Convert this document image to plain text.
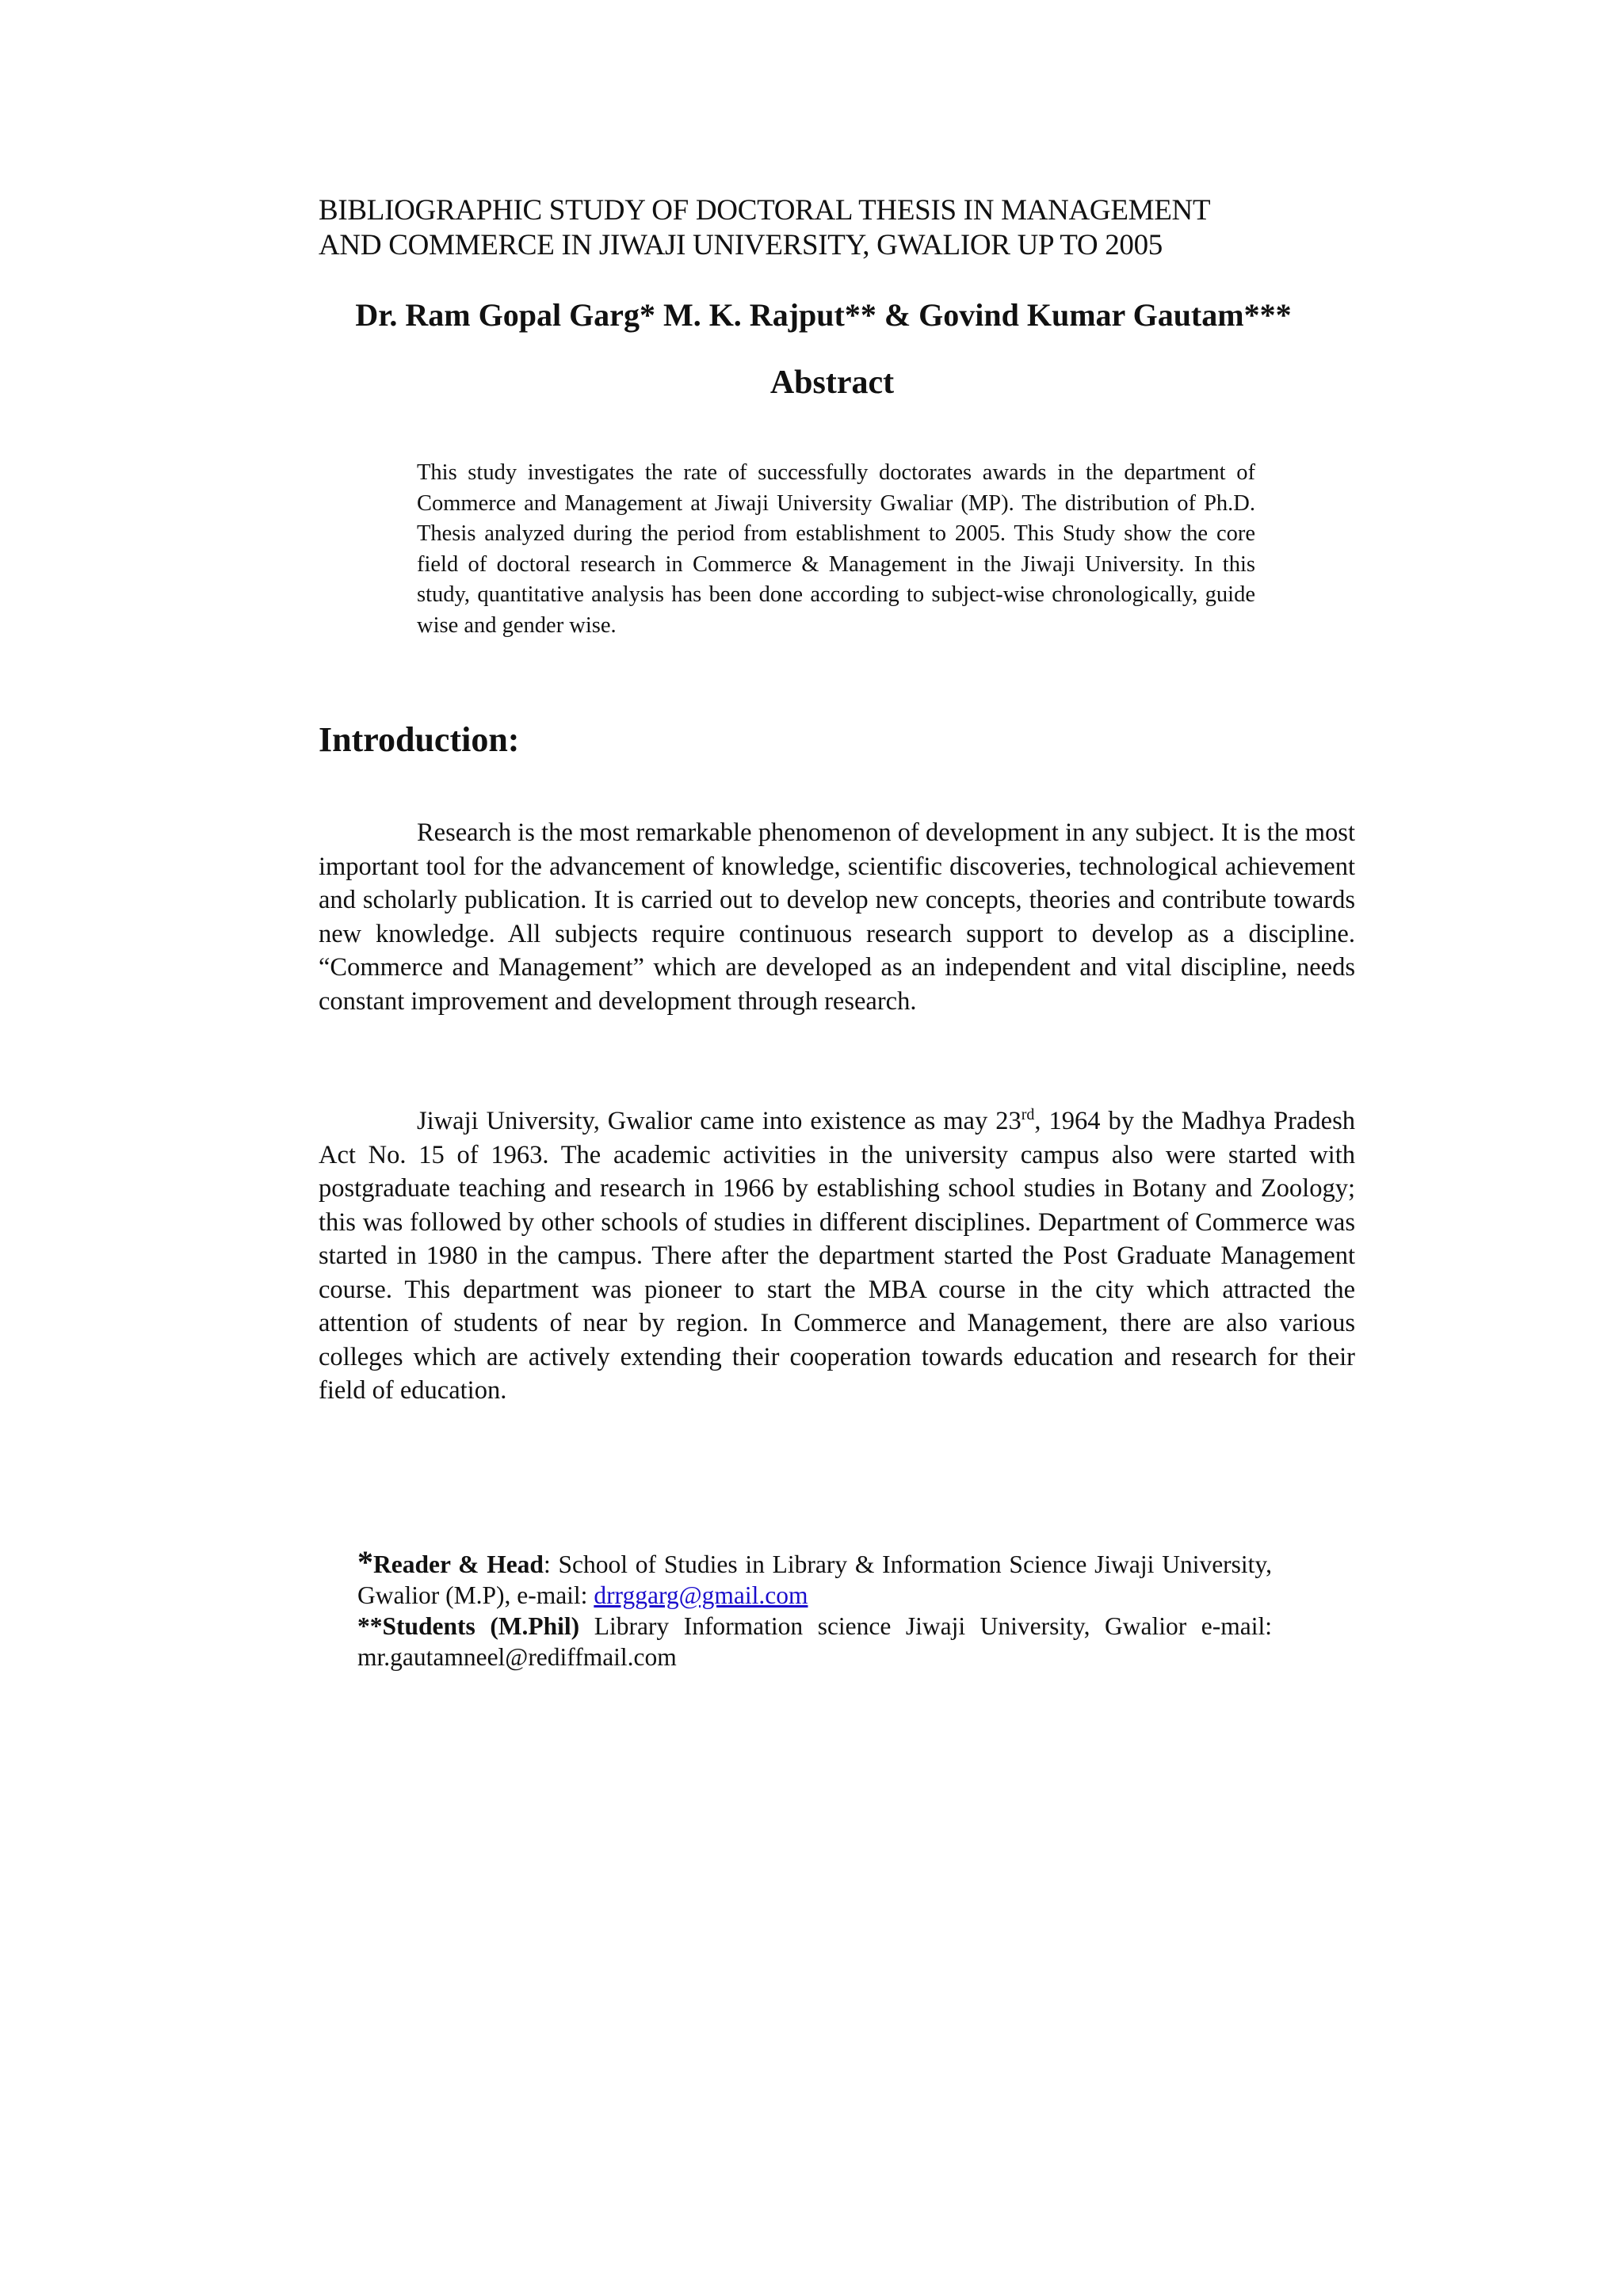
BIBLIOGRAPHIC STUDY OF DOCTORAL THESIS IN MANAGEMENT
AND COMMERCE IN JIWAJI UNIVERSITY, GWALIOR UP TO 2005

Dr. Ram Gopal Garg* M. K. Rajput** & Govind Kumar Gautam***

Abstract

This study investigates the rate of successfully doctorates awards in the department of Commerce and Management at Jiwaji University Gwaliar (MP). The distribution of Ph.D. Thesis analyzed during the period from establishment to 2005. This Study show the core field of doctoral research in Commerce & Management in the Jiwaji University. In this study, quantitative analysis has been done according to subject-wise chronologically, guide wise and gender wise.

Introduction:

Research is the most remarkable phenomenon of development in any subject. It is the most important tool for the advancement of knowledge, scientific discoveries, technological achievement and scholarly publication. It is carried out to develop new concepts, theories and contribute towards new knowledge. All subjects require continuous research support to develop as a discipline. “Commerce and Management” which are developed as an independent and vital discipline, needs constant improvement and development through research.

Jiwaji University, Gwalior came into existence as may 23rd, 1964 by the Madhya Pradesh Act No. 15 of 1963. The academic activities in the university campus also were started with postgraduate teaching and research in 1966 by establishing school studies in Botany and Zoology; this was followed by other schools of studies in different disciplines. Department of Commerce was started in 1980 in the campus. There after the department started the Post Graduate Management course. This department was pioneer to start the MBA course in the city which attracted the attention of students of near by region. In Commerce and Management, there are also various colleges which are actively extending their cooperation towards education and research for their field of education.

*Reader & Head: School of Studies in Library & Information Science Jiwaji University, Gwalior (M.P), e-mail: drrggarg@gmail.com

**Students (M.Phil) Library Information science Jiwaji University, Gwalior e-mail: mr.gautamneel@rediffmail.com
